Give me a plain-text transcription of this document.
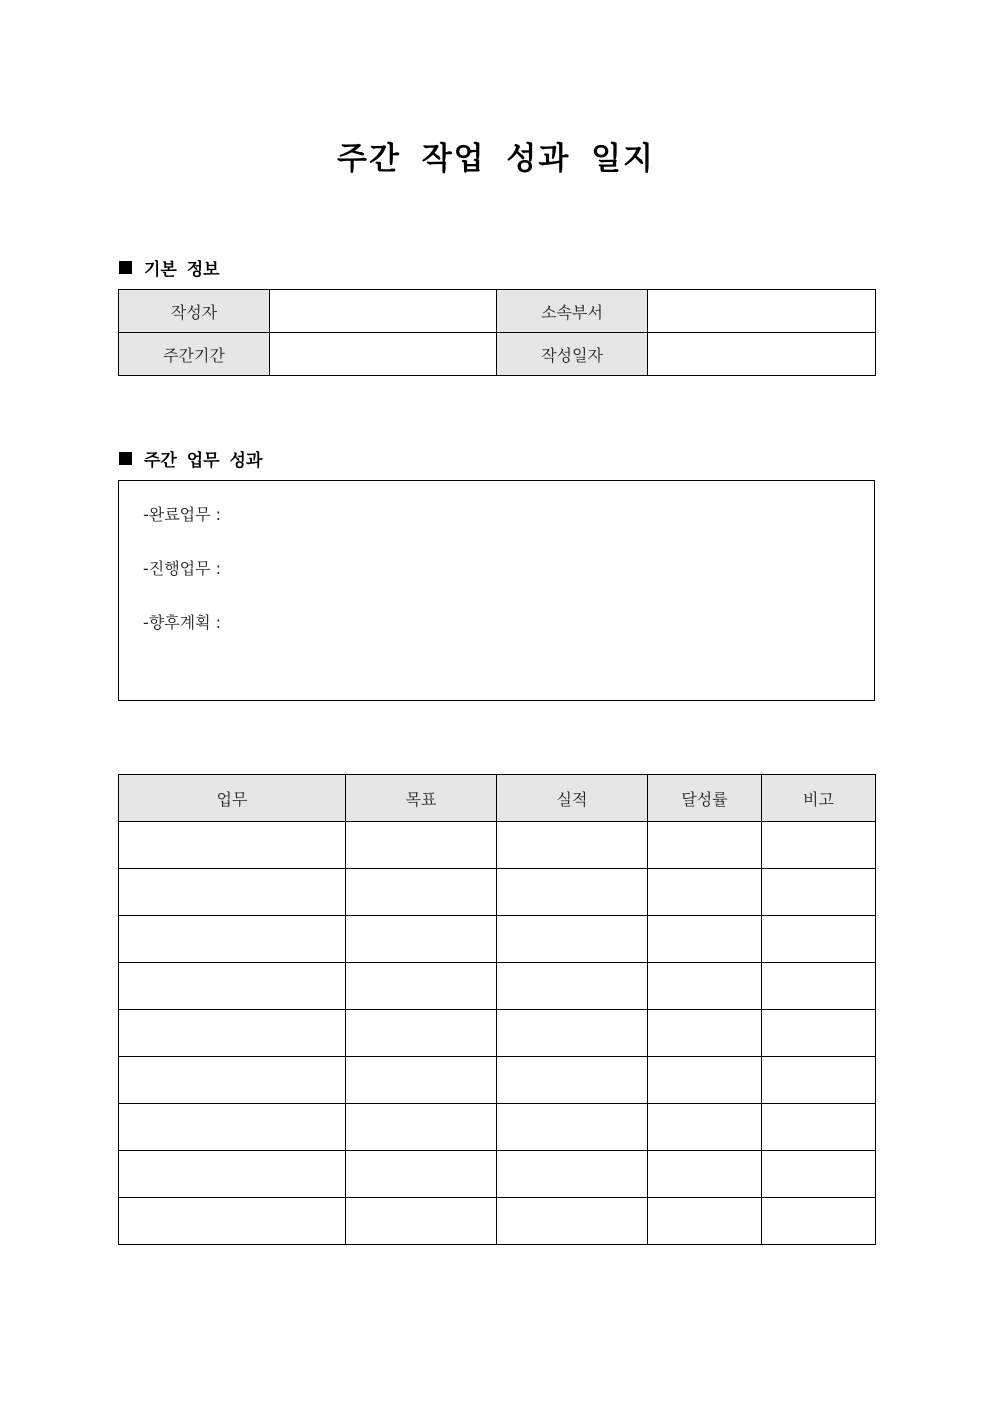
주간 작업 성과 일지
기본 정보
작성자		소속부서	
주간기간		작성일자	
주간 업무 성과
-완료업무 :
-진행업무 :
-향후계획 :
업무	목표	실적	달성률	비고
